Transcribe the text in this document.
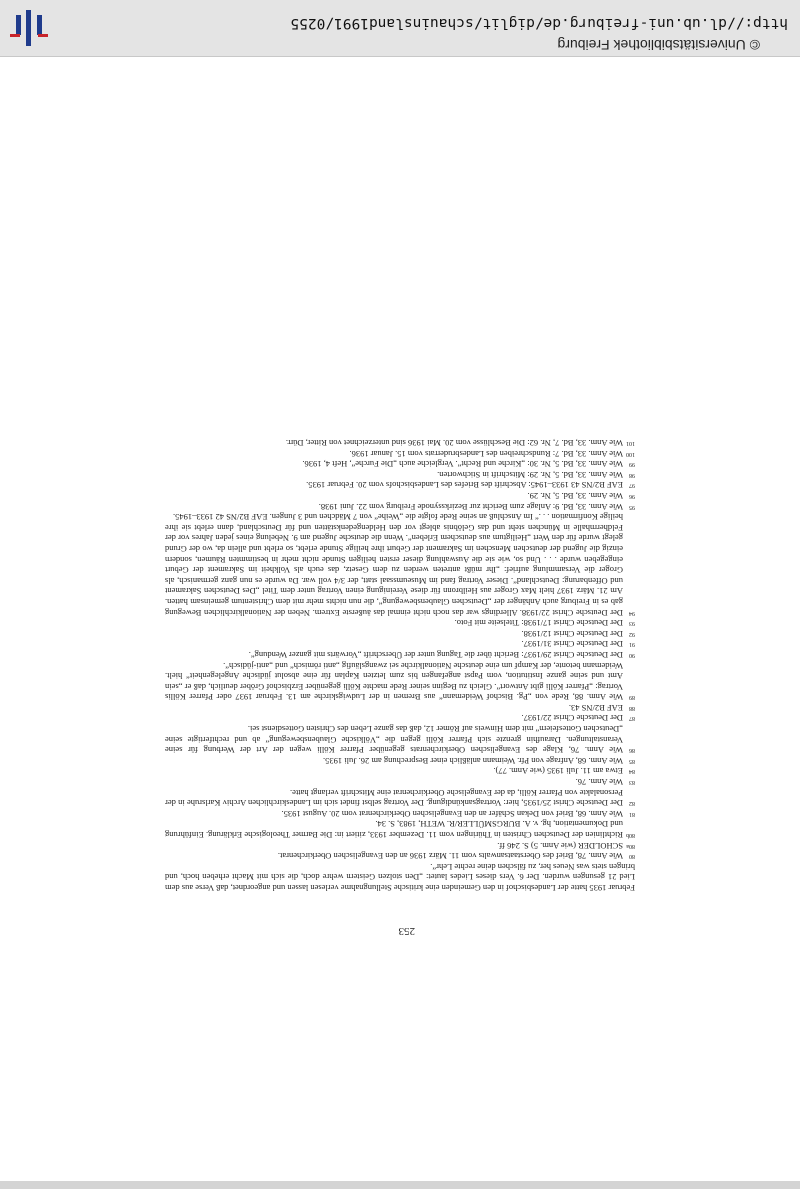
© Universitätsbibliothek Freiburg
http://dl.ub.uni-freiburg.de/diglit/schauinsland1991/0255

Februar 1935 hatte der Landesbischof in den Gemeinden eine kritische Stellungnahme verlesen lassen und angeordnet, daß Verse aus dem Lied 21 gesungen wurden. Der 6. Vers dieses Liedes lautet: „Den stolzen Geistern wehre doch, die sich mit Macht erheben hoch, und bringen stets was Neues her, zu fälschen deine rechte Lehr“.

80Wie Anm. 78, Brief des Oberstaatsanwalts vom 11. März 1936 an den Evangelischen Oberkirchenrat.

80aSCHOLDER (wie Anm. 5) S. 246 ff.

80bRichtlinien der Deutschen Christen in Thüringen vom 11. Dezember 1933, zitiert in: Die Barmer Theologische Erklärung. Einführung und Dokumentation, hg. v. A. BURGSMÜLLER/R. WETH, 1983, S. 34.

81Wie Anm. 68, Brief von Dekan Schäfer an den Evangelischen Oberkirchenrat vom 20. August 1935.

82Der Deutsche Christ 25/1935, hier: Vortragsankündigung. Der Vortrag selbst findet sich im Landeskirchlichen Archiv Karlsruhe in der Personalakte von Pfarrer Kölli, da der Evangelische Oberkirchenrat eine Mitschrift verlangt hatte.

83Wie Anm. 76.

84Etwa am 11. Juli 1935 (wie Anm. 77).

85Wie Anm. 68, Anfrage von Pfr. Weimann anläßlich einer Besprechung am 26. Juli 1935.

86Wie Anm. 76, Klage des Evangelischen Oberkirchenrats gegenüber Pfarrer Kölli wegen der Art der Werbung für seine Veranstaltungen. Daraufhin grenzte sich Pfarrer Kölli gegen die „Völkische Glaubensbewegung“ ab und rechtfertigte seine „Deutschen Gottesfeiern“ mit dem Hinweis auf Römer 12, daß das ganze Leben des Christen Gottesdienst sei.

87Der Deutsche Christ 22/1937.

88EAF B2/NS 43.

89Wie Anm. 88, Rede von „Pg. Bischof Weidemann“ aus Bremen in der Ludwigskirche am 13. Februar 1937 oder Pfarrer Köllis Vortrag: „Pfarrer Kölli gibt Antwort“. Gleich zu Beginn seiner Rede machte Kölli gegenüber Erzbischof Gröber deutlich, daß er „sein Amt und seine ganze Institution, vom Papst angefangen bis zum letzten Kaplan für eine absolut jüdische Angelegenheit“ hielt. Weidemann betonte, der Kampf um eine deutsche Nationalkirche sei zwangsläufig „anti römisch“ und „anti-jüdisch“.

90Der Deutsche Christ 29/1937: Bericht über die Tagung unter der Überschrift „Vorwärts mit ganzer Wendung“.

91Der Deutsche Christ 31/1937.

92Der Deutsche Christ 12/1938.

93Der Deutsche Christ 17/1938: Titelseite mit Foto.

94Der Deutsche Christ 22/1938. Allerdings war das noch nicht einmal das äußerste Extrem. Neben der Nationalkirchlichen Bewegung gab es in Freiburg auch Anhänger der „Deutschen Glaubensbewegung“, die nun nichts mehr mit dem Christentum gemeinsam hatten. Am 21. März 1937 hielt Max Groger aus Heilbronn für diese Vereinigung einen Vortrag unter dem Titel „Des Deutschen Sakrament und Offenbarung: Deutschland“. Dieser Vortrag fand im Museumssaal statt, der 3/4 voll war. Da wurde es nun ganz germanisch, als Groger die Versammlung aufrief: „Ihr müßt antreten werden zu dem Gesetz, das euch als Volkheit im Sakrament der Geburt eingegeben wurde . . . Und so, wie sie die Auswahlung dieser ersten heiligen Stunde nicht mehr in bestimmten Räumen, sondern einzig die Jugend der deutschen Menschen im Sakrament der Geburt ihre heilige Stunde erlebt, so erlebt und allein da, wo der Grund gelegt wurde für den Wert „Heiligtum aus deutschem Erleben“. Wenn die deutsche Jugend am 9. Nebelung eines jeden Jahres vor der Feldherrnhalle in München steht und das Gelöbnis ablegt vor den Heldengedenkstätten und für Deutschland, dann erlebt sie ihre heilige Konfirmation . . .“ Im Anschluß an seine Rede folgte die „Weihe“ von 7 Mädchen und 3 Jungen. EAF B2/NS 42 1933–1945.

95Wie Anm. 33, Bd. 9: Anlage zum Bericht zur Bezirkssynode Freiburg vom 22. Juni 1938.

96Wie Anm. 33, Bd. 5, Nr. 29.

97EAF B2/NS 43 1933–1945: Abschrift des Briefes des Landesbischofs vom 20. Februar 1935.

98Wie Anm. 33, Bd. 5, Nr. 29: Mitschrift in Stichworten.

99Wie Anm. 33, Bd. 5, Nr. 30: „Kirche und Recht“. Vergleiche auch „Die Furche“, Heft 4, 1936.

100Wie Anm. 33, Bd. 7: Rundschreiben des Landesbruderrats vom 15. Januar 1936.

101Wie Anm. 33, Bd. 7, Nr. 62: Die Beschlüsse vom 20. Mai 1936 sind unterzeichnet von Ritter, Dürr.

253
